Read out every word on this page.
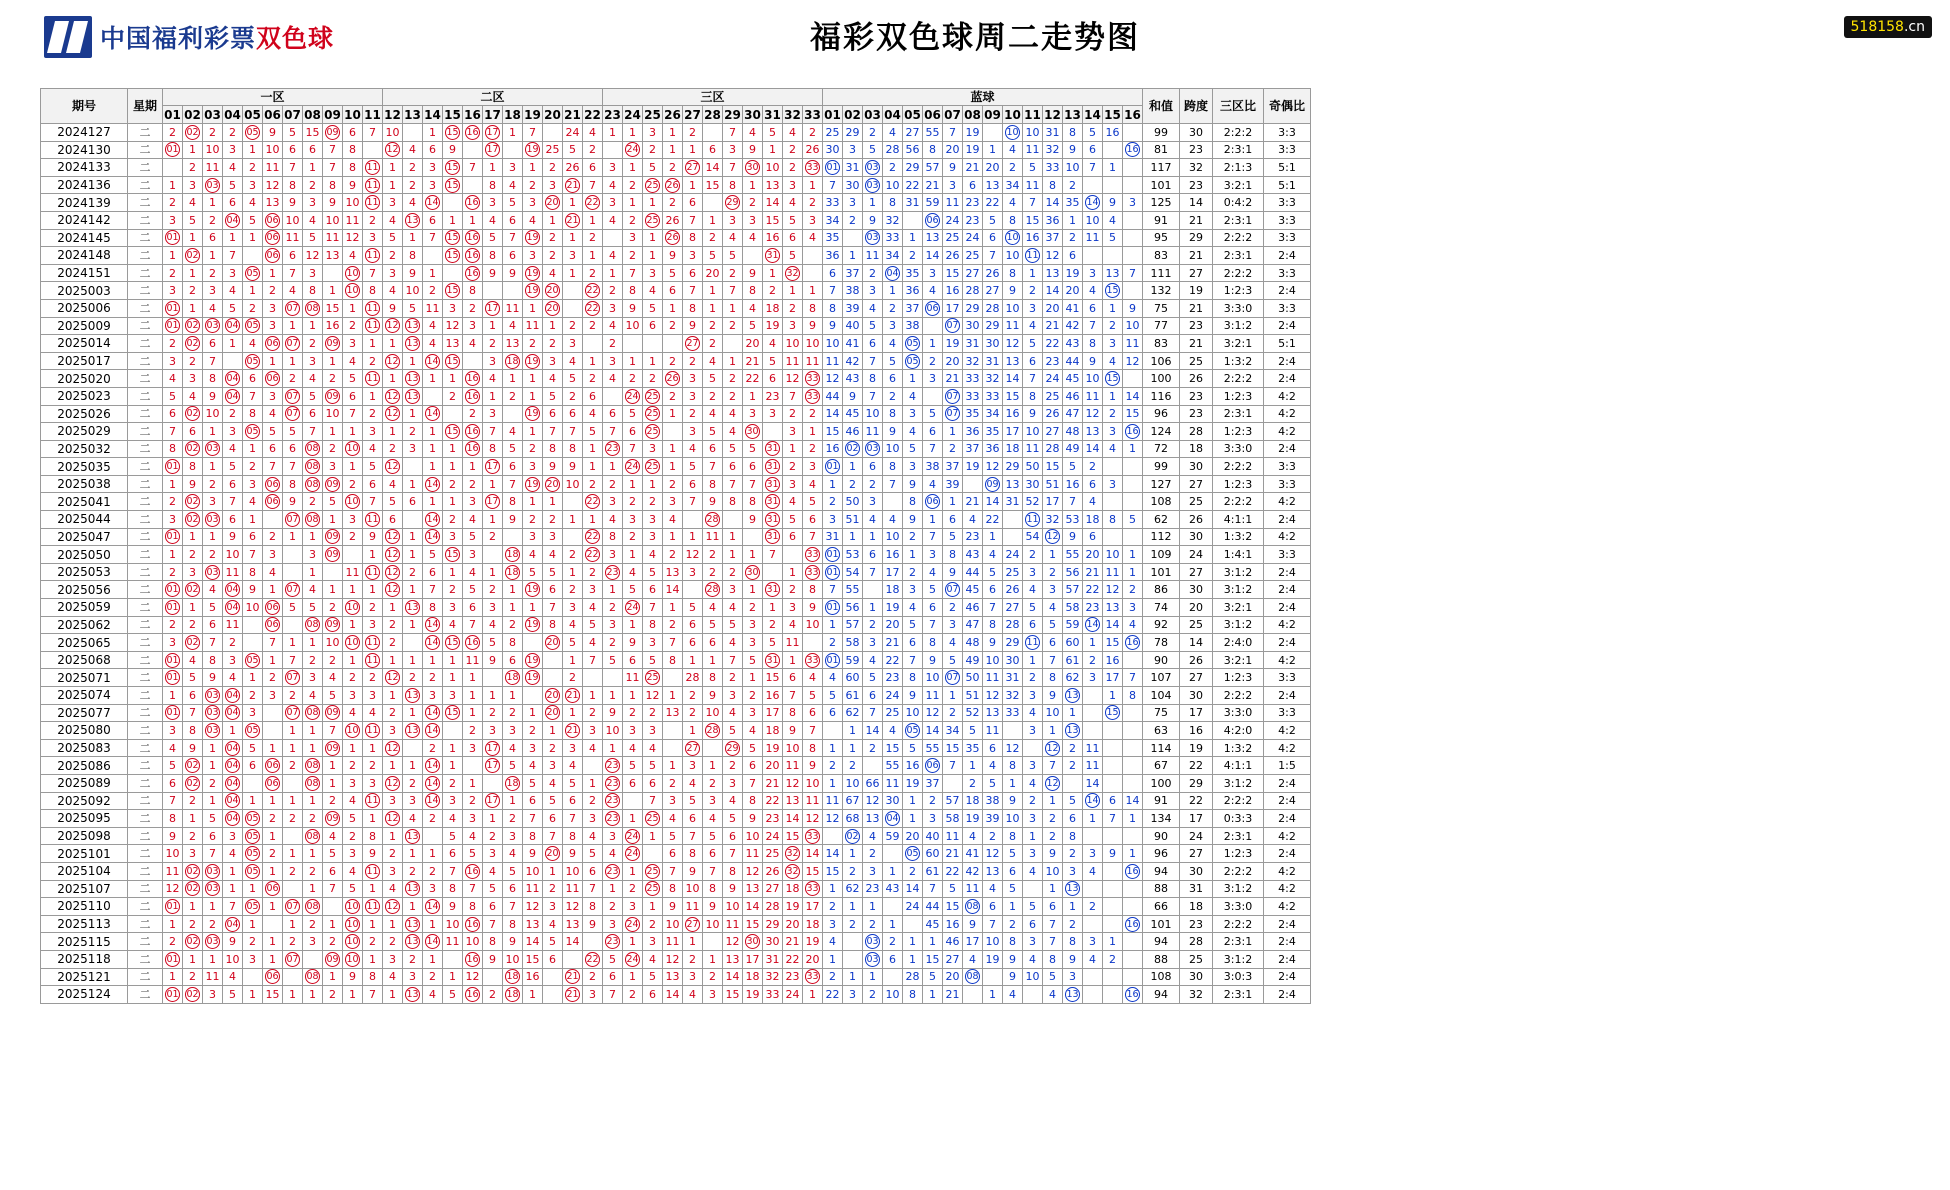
中国福利彩票双色球	福彩双色球周二走势图	518158.cn
期号	星期	一区											二区											三区											蓝球																和值	跨度	三区比	奇偶比
		01	02	03	04	05	06	07	08	09	10	11	12	13	14	15	16	17	18	19	20	21	22	23	24	25	26	27	28	29	30	31	32	33	01	02	03	04	05	06	07	08	09	10	11	12	13	14	15	16				
2024127	二	2	02	2	2	05	9	5	15	09	6	7	10		1	15	16	17	1	7		24	4	1	1	3	1	2		7	4	5	4	2	25	29	2	4	27	55	7	19		10	10	31	8	5	16		99	30	2:2:2	3:3
2024130	二	01	1	10	3	1	10	6	6	7	8		12	4	6	9		17		19	25	5	2		24	2	1	1	6	3	9	1	2	26	30	3	5	28	56	8	20	19	1	4	11	32	9	6		16	81	23	2:3:1	3:3
2024133	二		2	11	4	2	11	7	1	7	8	11	1	2	3	15	7	1	3	1	2	26	6	3	1	5	2	27	14	7	30	10	2	33	01	31	03	2	29	57	9	21	20	2	5	33	10	7	1		117	32	2:1:3	5:1
2024136	二	1	3	03	5	3	12	8	2	8	9	11	1	2	3	15		8	4	2	3	21	7	4	2	25	26	1	15	8	1	13	3	1	7	30	03	10	22	21	3	6	13	34	11	8	2				101	23	3:2:1	5:1
2024139	二	2	4	1	6	4	13	9	3	9	10	11	3	4	14		16	3	5	3	20	1	22	3	1	1	2	6		29	2	14	4	2	33	3	1	8	31	59	11	23	22	4	7	14	35	14	9	3	125	14	0:4:2	3:3
2024142	二	3	5	2	04	5	06	10	4	10	11	2	4	13	6	1	1	4	6	4	1	21	1	4	2	25	26	7	1	3	3	15	5	3	34	2	9	32		06	24	23	5	8	15	36	1	10	4		91	21	2:3:1	3:3
2024145	二	01	1	6	1	1	06	11	5	11	12	3	5	1	7	15	16	5	7	19	2	1	2		3	1	26	8	2	4	4	16	6	4	35		03	33	1	13	25	24	6	10	16	37	2	11	5		95	29	2:2:2	3:3
2024148	二	1	02	1	7		06	6	12	13	4	11	2	8		15	16	8	6	3	2	3	1	4	2	1	9	3	5	5		31	5		36	1	11	34	2	14	26	25	7	10	11	12	6				83	21	2:3:1	2:4
2024151	二	2	1	2	3	05	1	7	3		10	7	3	9	1		16	9	9	19	4	1	2	1	7	3	5	6	20	2	9	1	32		6	37	2	04	35	3	15	27	26	8	1	13	19	3	13	7	111	27	2:2:2	3:3
2025003	二	3	2	3	4	1	2	4	8	1	10	8	4	10	2	15	8			19	20		22	2	8	4	6	7	1	7	8	2	1	1	7	38	3	1	36	4	16	28	27	9	2	14	20	4	15		132	19	1:2:3	2:4
2025006	二	01	1	4	5	2	3	07	08	15	1	11	9	5	11	3	2	17	11	1	20		22	3	9	5	1	8	1	1	4	18	2	8	8	39	4	2	37	06	17	29	28	10	3	20	41	6	1	9	75	21	3:3:0	3:3
2025009	二	01	02	03	04	05	3	1	1	16	2	11	12	13	4	12	3	1	4	11	1	2	2	4	10	6	2	9	2	2	5	19	3	9	9	40	5	3	38		07	30	29	11	4	21	42	7	2	10	77	23	3:1:2	2:4
2025014	二	2	02	6	1	4	06	07	2	09	3	1	1	13	4	13	4	2	13	2	2	3		2				27	2		20	4	10	10	10	41	6	4	05	1	19	31	30	12	5	22	43	8	3	11	83	21	3:2:1	5:1
2025017	二	3	2	7		05	1	1	3	1	4	2	12	1	14	15		3	18	19	3	4	1	3	1	1	2	2	4	1	21	5	11	11	11	42	7	5	05	2	20	32	31	13	6	23	44	9	4	12	106	25	1:3:2	2:4
2025020	二	4	3	8	04	6	06	2	4	2	5	11	1	13	1	1	16	4	1	1	4	5	2	4	2	2	26	3	5	2	22	6	12	33	12	43	8	6	1	3	21	33	32	14	7	24	45	10	15		100	26	2:2:2	2:4
2025023	二	5	4	9	04	7	3	07	5	09	6	1	12	13		2	16	1	2	1	5	2	6		24	25	2	3	2	2	1	23	7	33	44	9	7	2	4		07	33	33	15	8	25	46	11	1	14	116	23	1:2:3	4:2
2025026	二	6	02	10	2	8	4	07	6	10	7	2	12	1	14		2	3		19	6	6	4	6	5	25	1	2	4	4	3	3	2	2	14	45	10	8	3	5	07	35	34	16	9	26	47	12	2	15	96	23	2:3:1	4:2
2025029	二	7	6	1	3	05	5	5	7	1	1	3	1	2	1	15	16	7	4	1	7	7	5	7	6	25		3	5	4	30		3	1	15	46	11	9	4	6	1	36	35	17	10	27	48	13	3	16	124	28	1:2:3	4:2
2025032	二	8	02	03	4	1	6	6	08	2	10	4	2	3	1	1	16	8	5	2	8	8	1	23	7	3	1	4	6	5	5	31	1	2	16	02	03	10	5	7	2	37	36	18	11	28	49	14	4	1	72	18	3:3:0	2:4
2025035	二	01	8	1	5	2	7	7	08	3	1	5	12		1	1	1	17	6	3	9	9	1	1	24	25	1	5	7	6	6	31	2	3	01	1	6	8	3	38	37	19	12	29	50	15	5	2			99	30	2:2:2	3:3
2025038	二	1	9	2	6	3	06	8	08	09	2	6	4	1	14	2	2	1	7	19	20	10	2	2	1	1	2	6	8	7	7	31	3	4	1	2	2	7	9	4	39		09	13	30	51	16	6	3		127	27	1:2:3	3:3
2025041	二	2	02	3	7	4	06	9	2	5	10	7	5	6	1	1	3	17	8	1	1		22	3	2	2	3	7	9	8	8	31	4	5	2	50	3		8	06	1	21	14	31	52	17	7	4			108	25	2:2:2	4:2
2025044	二	3	02	03	6	1		07	08	1	3	11	6		14	2	4	1	9	2	2	1	1	4	3	3	4		28		9	31	5	6	3	51	4	4	9	1	6	4	22		11	32	53	18	8	5	62	26	4:1:1	2:4
2025047	二	01	1	1	9	6	2	1	1	09	2	9	12	1	14	3	5	2		3	3		22	8	2	3	1	1	11	1		31	6	7	31	1	1	10	2	7	5	23	1		54	12	9	6			112	30	1:3:2	4:2
2025050	二	1	2	2	10	7	3		3	09		1	12	1	5	15	3		18	4	4	2	22	3	1	4	2	12	2	1	1	7		33	01	53	6	16	1	3	8	43	4	24	2	1	55	20	10	1	109	24	1:4:1	3:3
2025053	二	2	3	03	11	8	4		1		11	11	12	2	6	1	4	1	18	5	5	1	2	23	4	5	13	3	2	2	30		1	33	01	54	7	17	2	4	9	44	5	25	3	2	56	21	11	1	101	27	3:1:2	2:4
2025056	二	01	02	4	04	9	1	07	4	1	1	1	12	1	7	2	5	2	1	19	6	2	3	1	5	6	14		28	3	1	31	2	8	7	55		18	3	5	07	45	6	26	4	3	57	22	12	2	86	30	3:1:2	2:4
2025059	二	01	1	5	04	10	06	5	5	2	10	2	1	13	8	3	6	3	1	1	7	3	4	2	24	7	1	5	4	4	2	1	3	9	01	56	1	19	4	6	2	46	7	27	5	4	58	23	13	3	74	20	3:2:1	2:4
2025062	二	2	2	6	11		06		08	09	1	3	2	1	14	4	7	4	2	19	8	4	5	3	1	8	2	6	5	5	3	2	4	10	1	57	2	20	5	7	3	47	8	28	6	5	59	14	14	4	92	25	3:1:2	4:2
2025065	二	3	02	7	2		7	1	1	10	10	11	2		14	15	16	5	8		20	5	4	2	9	3	7	6	6	4	3	5	11		2	58	3	21	6	8	4	48	9	29	11	6	60	1	15	16	78	14	2:4:0	2:4
2025068	二	01	4	8	3	05	1	7	2	2	1	11	1	1	1	1	11	9	6	19		1	7	5	6	5	8	1	1	7	5	31	1	33	01	59	4	22	7	9	5	49	10	30	1	7	61	2	16		90	26	3:2:1	4:2
2025071	二	01	5	9	4	1	2	07	3	4	2	2	12	2	2	1	1		18	19		2			11	25		28	8	2	1	15	6	4	4	60	5	23	8	10	07	50	11	31	2	8	62	3	17	7	107	27	1:2:3	3:3
2025074	二	1	6	03	04	2	3	2	4	5	3	3	1	13	3	3	1	1	1		20	21	1	1	1	12	1	2	9	3	2	16	7	5	5	61	6	24	9	11	1	51	12	32	3	9	13		1	8	104	30	2:2:2	2:4
2025077	二	01	7	03	04	3		07	08	09	4	4	2	1	14	15	1	2	2	1	20	1	2	9	2	2	13	2	10	4	3	17	8	6	6	62	7	25	10	12	2	52	13	33	4	10	1		15		75	17	3:3:0	3:3
2025080	二	3	8	03	1	05		1	1	7	10	11	3	13	14		2	3	3	2	1	21	3	10	3	3		1	28	5	4	18	9	7		1	14	4	05	14	34	5	11		3	1	13				63	16	4:2:0	4:2
2025083	二	4	9	1	04	5	1	1	1	09	1	1	12		2	1	3	17	4	3	2	3	4	1	4	4		27		29	5	19	10	8	1	1	2	15	5	55	15	35	6	12		12	2	11			114	19	1:3:2	4:2
2025086	二	5	02	1	04	6	06	2	08	1	2	2	1	1	14	1		17	5	4	3	4		23	5	5	1	3	1	2	6	20	11	9	2	2		55	16	06	7	1	4	8	3	7	2	11			67	22	4:1:1	1:5
2025089	二	6	02	2	04		06		08	1	3	3	12	2	14	2	1		18	5	4	5	1	23	6	6	2	4	2	3	7	21	12	10	1	10	66	11	19	37		2	5	1	4	12		14			100	29	3:1:2	2:4
2025092	二	7	2	1	04	1	1	1	1	2	4	11	3	3	14	3	2	17	1	6	5	6	2	23		7	3	5	3	4	8	22	13	11	11	67	12	30	1	2	57	18	38	9	2	1	5	14	6	14	91	22	2:2:2	2:4
2025095	二	8	1	5	04	05	2	2	2	09	5	1	12	4	2	4	3	1	2	7	6	7	3	23	1	25	4	6	4	5	9	23	14	12	12	68	13	04	1	3	58	19	39	10	3	2	6	1	7	1	134	17	0:3:3	2:4
2025098	二	9	2	6	3	05	1		08	4	2	8	1	13		5	4	2	3	8	7	8	4	3	24	1	5	7	5	6	10	24	15	33		02	4	59	20	40	11	4	2	8	1	2	8				90	24	2:3:1	4:2
2025101	二	10	3	7	4	05	2	1	1	5	3	9	2	1	1	6	5	3	4	9	20	9	5	4	24		6	8	6	7	11	25	32	14	14	1	2		05	60	21	41	12	5	3	9	2	3	9	1	96	27	1:2:3	2:4
2025104	二	11	02	03	1	05	1	2	2	6	4	11	3	2	2	7	16	4	5	10	1	10	6	23	1	25	7	9	7	8	12	26	32	15	15	2	3	1	2	61	22	42	13	6	4	10	3	4		16	94	30	2:2:2	4:2
2025107	二	12	02	03	1	1	06		1	7	5	1	4	13	3	8	7	5	6	11	2	11	7	1	2	25	8	10	8	9	13	27	18	33	1	62	23	43	14	7	5	11	4	5		1	13				88	31	3:1:2	4:2
2025110	二	01	1	1	7	05	1	07	08		10	11	12	1	14	9	8	6	7	12	3	12	8	2	3	1	9	11	9	10	14	28	19	17	2	1	1		24	44	15	08	6	1	5	6	1	2			66	18	3:3:0	4:2
2025113	二	1	2	2	04	1		1	2	1	10	1	1	13	1	10	16	7	8	13	4	13	9	3	24	2	10	27	10	11	15	29	20	18	3	2	2	1		45	16	9	7	2	6	7	2			16	101	23	2:2:2	2:4
2025115	二	2	02	03	9	2	1	2	3	2	10	2	2	13	14	11	10	8	9	14	5	14		23	1	3	11	1		12	30	30	21	19	4		03	2	1	1	46	17	10	8	3	7	8	3	1		94	28	2:3:1	2:4
2025118	二	01	1	1	10	3	1	07		09	10	1	3	2	1		16	9	10	15	6		22	5	24	4	12	2	1	13	17	31	22	20	1		03	6	1	15	27	4	19	9	4	8	9	4	2		88	25	3:1:2	2:4
2025121	二	1	2	11	4		06		08	1	9	8	4	3	2	1	12		18	16		21	2	6	1	5	13	3	2	14	18	32	23	33	2	1	1		28	5	20	08		9	10	5	3				108	30	3:0:3	2:4
2025124	二	01	02	3	5	1	15	1	1	2	1	7	1	13	4	5	16	2	18	1		21	3	7	2	6	14	4	3	15	19	33	24	1	22	3	2	10	8	1	21		1	4		4	13			16	94	32	2:3:1	2:4
